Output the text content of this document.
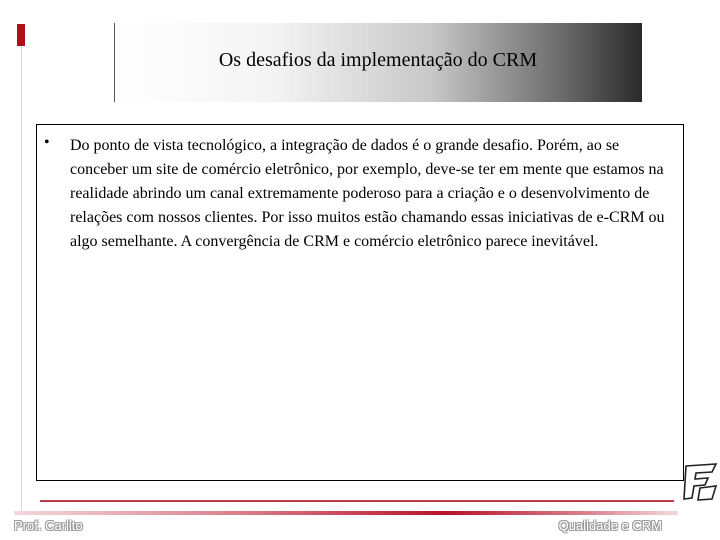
Os desafios da implementação do CRM
• Do ponto de vista tecnológico, a integração de dados é o grande desafio. Porém, ao se conceber um site de comércio eletrônico, por exemplo, deve-se ter em mente que estamos na realidade abrindo um canal extremamente poderoso para a criação e o desenvolvimento de relações com nossos clientes. Por isso muitos estão chamando essas iniciativas de e-CRM ou algo semelhante. A convergência de CRM e comércio eletrônico parece inevitável.
Prof. Carlito	Qualidade e CRM
